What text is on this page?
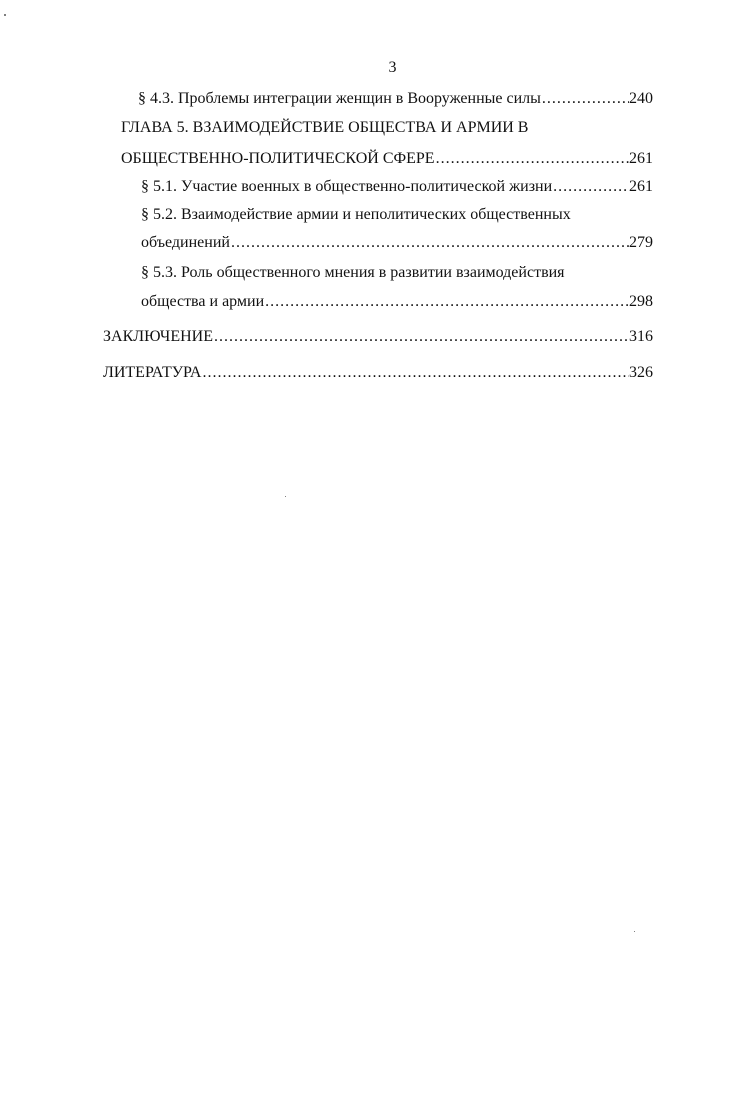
3
§ 4.3. Проблемы интеграции женщин в Вооруженные силы .....	240
ГЛАВА 5. ВЗАИМОДЕЙСТВИЕ ОБЩЕСТВА И АРМИИ В
ОБЩЕСТВЕННО-ПОЛИТИЧЕСКОЙ СФЕРЕ .....	261
§ 5.1. Участие военных в общественно-политической жизни .....	261
§ 5.2. Взаимодействие армии и неполитических общественных
объединений .....	279
§ 5.3. Роль общественного мнения в развитии взаимодействия
общества и армии .....	298
ЗАКЛЮЧЕНИЕ .....	316
ЛИТЕРАТУРА .....	326
